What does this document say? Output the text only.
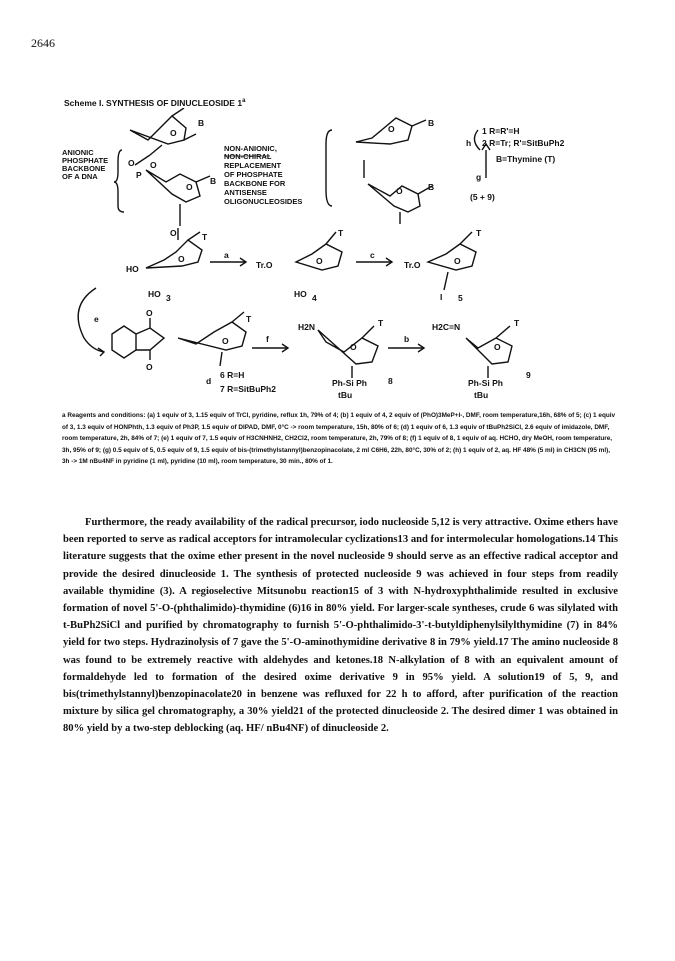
2646
Scheme I. SYNTHESIS OF DINUCLEOSIDE 1$^a$
ANIONIC
PHOSPHATE
BACKBONE
OF A DNA
O
P
O
O
B
O
B
O
NON-ANIONIC,
NON-CHIRAL
REPLACEMENT
OF PHOSPHATE
BACKBONE FOR
ANTISENSE
OLIGONUCLEOSIDES
O
B
O	B
h
1 R=R'=H
2 R=Tr; R'=SitBuPh2
B=Thymine (T)
g
(5 + 9)
HO
O
T
HO 3
a
Tr.O	O
T
HO 4
c
Tr.O	O
T
I 5
e
O
O
O
T
d
6 R=H
7 R=SitBuPh2
f
H2N
O
T
Ph-Si Ph
tBu
8
b
H2C=N
O
T
Ph-Si Ph
tBu
9

a Reagents and conditions: (a) 1 equiv of 3, 1.15 equiv of TrCl, pyridine, reflux 1h, 79% of 4; (b) 1 equiv of 4, 2 equiv of (PhO)3MeP+I-, DMF, room temperature,16h, 68% of 5; (c) 1 equiv of 3, 1.3 equiv of HONPhth, 1.3 equiv of Ph3P, 1.5 equiv of DIPAD, DMF, 0°C -> room temperature, 15h, 80% of 6; (d) 1 equiv of 6, 1.3 equiv of tBuPh2SiCl, 2.6 equiv of imidazole, DMF, room temperature, 2h, 84% of 7; (e) 1 equiv of 7, 1.5 equiv of H3CNHNH2, CH2Cl2, room temperature, 2h, 79% of 8; (f) 1 equiv of 8, 1 equiv of aq. HCHO, dry MeOH, room temperature, 3h, 95% of 9; (g) 0.5 equiv of 5, 0.5 equiv of 9, 1.5 equiv of bis-(trimethylstannyl)benzopinacolate, 2 ml C6H6, 22h, 80°C, 30% of 2; (h) 1 equiv of 2, aq. HF 48% (5 ml) in CH3CN (95 ml), 3h -> 1M nBu4NF in pyridine (1 ml), pyridine (10 ml), room temperature, 30 min., 80% of 1.

Furthermore, the ready availability of the radical precursor, iodo nucleoside 5,12 is very attractive. Oxime ethers have been reported to serve as radical acceptors for intramolecular cyclizations13 and for intermolecular homologations.14 This literature suggests that the oxime ether present in the novel nucleoside 9 should serve as an effective radical acceptor and provide the desired dinucleoside 1. The synthesis of protected nucleoside 9 was achieved in four steps from readily available thymidine (3). A regioselective Mitsunobu reaction15 of 3 with N-hydroxyphthalimide resulted in exclusive formation of novel 5'-O-(phthalimido)-thymidine (6)16 in 80% yield. For larger-scale syntheses, crude 6 was silylated with t-BuPh2SiCl and purified by chromatography to furnish 5'-O-phthalimido-3'-t-butyldiphenylsilylthymidine (7) in 84% yield for two steps. Hydrazinolysis of 7 gave the 5'-O-aminothymidine derivative 8 in 79% yield.17 The amino nucleoside 8 was found to be extremely reactive with aldehydes and ketones.18 N-alkylation of 8 with an equivalent amount of formaldehyde led to formation of the desired oxime derivative 9 in 95% yield. A solution19 of 5, 9, and bis(trimethylstannyl)benzopinacolate20 in benzene was refluxed for 22 h to afford, after purification of the reaction mixture by silica gel chromatography, a 30% yield21 of the protected dinucleoside 2. The desired dimer 1 was obtained in 80% yield by a two-step deblocking (aq. HF/ nBu4NF) of dinucleoside 2.
